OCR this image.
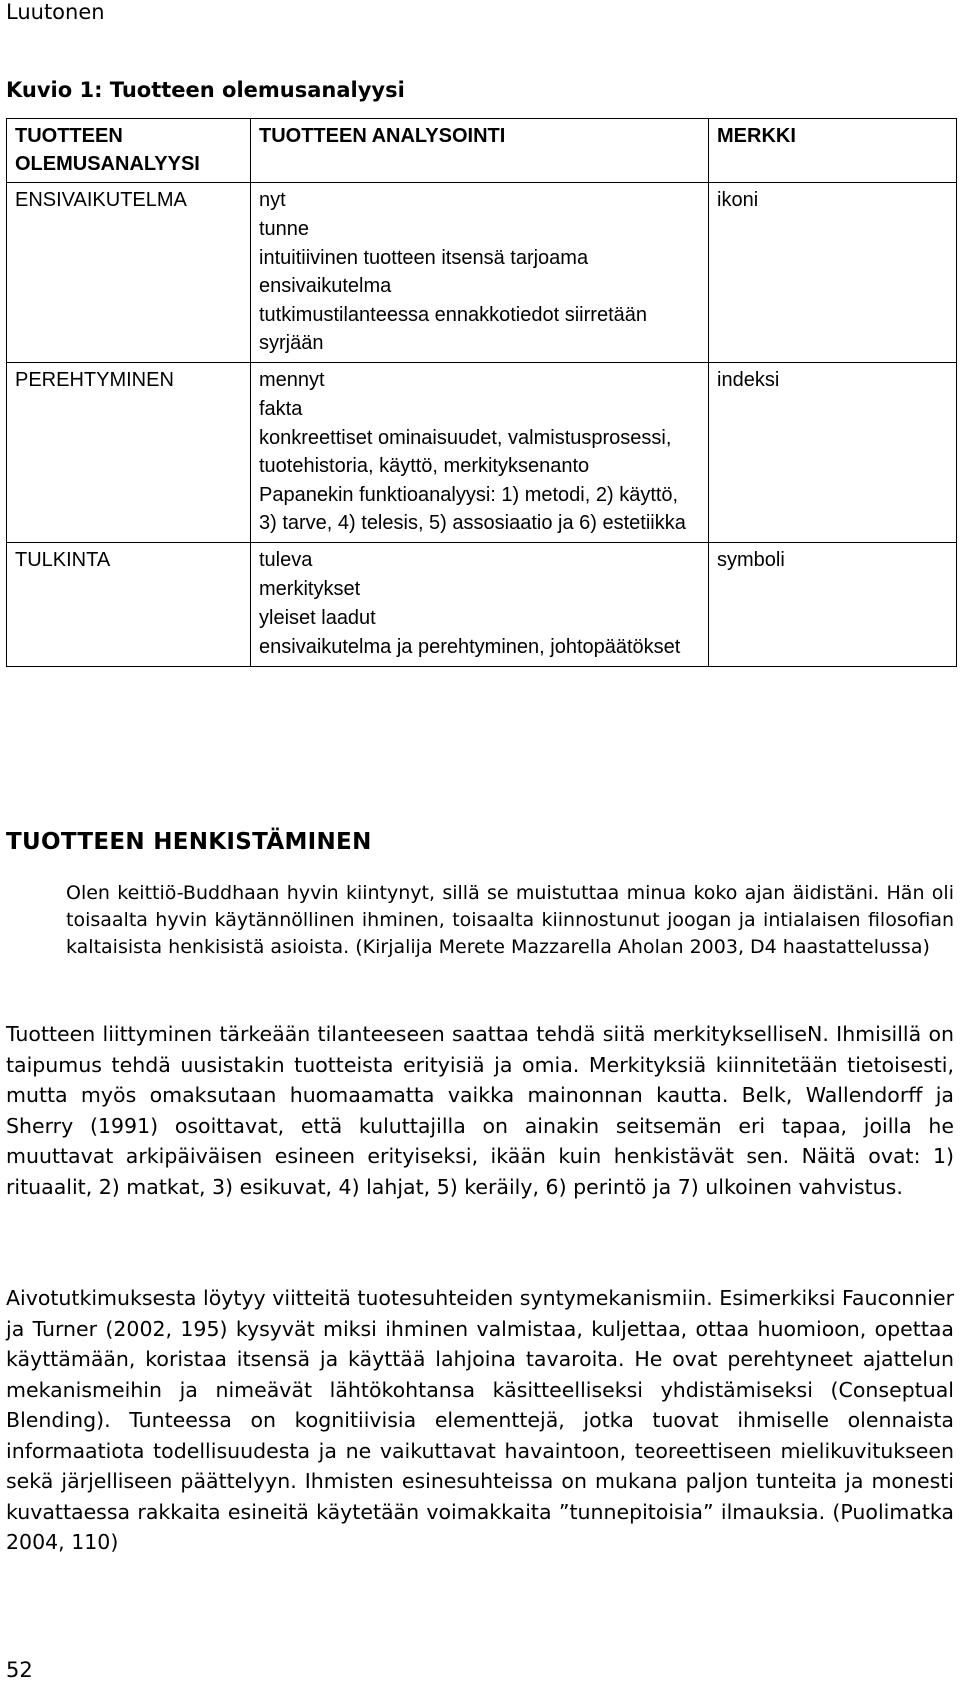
Luutonen
Kuvio 1: Tuotteen olemusanalyysi
TUOTTEEN OLEMUSANALYYSI	TUOTTEEN ANALYSOINTI	MERKKI
ENSIVAIKUTELMA	nyt
tunne
intuitiivinen tuotteen itsensä tarjoama ensivaikutelma
tutkimustilanteessa ennakkotiedot siirretään syrjään	ikoni
PEREHTYMINEN	mennyt
fakta
konkreettiset ominaisuudet, valmistusprosessi, tuotehistoria, käyttö, merkityksenanto
Papanekin funktioanalyysi: 1) metodi, 2) käyttö, 3) tarve, 4) telesis, 5) assosiaatio ja 6) estetiikka	indeksi
TULKINTA	tuleva
merkitykset
yleiset laadut
ensivaikutelma ja perehtyminen, johtopäätökset	symboli
TUOTTEEN HENKISTÄMINEN
Olen keittiö-Buddhaan hyvin kiintynyt, sillä se muistuttaa minua koko ajan äidistäni. Hän oli toisaalta hyvin käytännöllinen ihminen, toisaalta kiinnostunut joogan ja intialaisen filosofian kaltaisista henkisistä asioista. (Kirjalija Merete Mazzarella Aholan 2003, D4 haastattelussa)
Tuotteen liittyminen tärkeään tilanteeseen saattaa tehdä siitä merkitykselliseN. Ihmisillä on taipumus tehdä uusistakin tuotteista erityisiä ja omia. Merkityksiä kiinnitetään tietoisesti, mutta myös omaksutaan huomaamatta vaikka mainonnan kautta. Belk, Wallendorff ja Sherry (1991) osoittavat, että kuluttajilla on ainakin seitsemän eri tapaa, joilla he muuttavat arkipäiväisen esineen erityiseksi, ikään kuin henkistävät sen. Näitä ovat: 1) rituaalit, 2) matkat, 3) esikuvat, 4) lahjat, 5) keräily, 6) perintö ja 7) ulkoinen vahvistus.
Aivotutkimuksesta löytyy viitteitä tuotesuhteiden syntymekanismiin. Esimerkiksi Fauconnier ja Turner (2002, 195) kysyvät miksi ihminen valmistaa, kuljettaa, ottaa huomioon, opettaa käyttämään, koristaa itsensä ja käyttää lahjoina tavaroita. He ovat perehtyneet ajattelun mekanismeihin ja nimeävät lähtökohtansa käsitteelliseksi yhdistämiseksi (Conseptual Blending). Tunteessa on kognitiivisia elementtejä, jotka tuovat ihmiselle olennaista informaatiota todellisuudesta ja ne vaikuttavat havaintoon, teoreettiseen mielikuvitukseen sekä järjelliseen päättelyyn. Ihmisten esinesuhteissa on mukana paljon tunteita ja monesti kuvattaessa rakkaita esineitä käytetään voimakkaita ”tunnepitoisia” ilmauksia. (Puolimatka 2004, 110)
52
